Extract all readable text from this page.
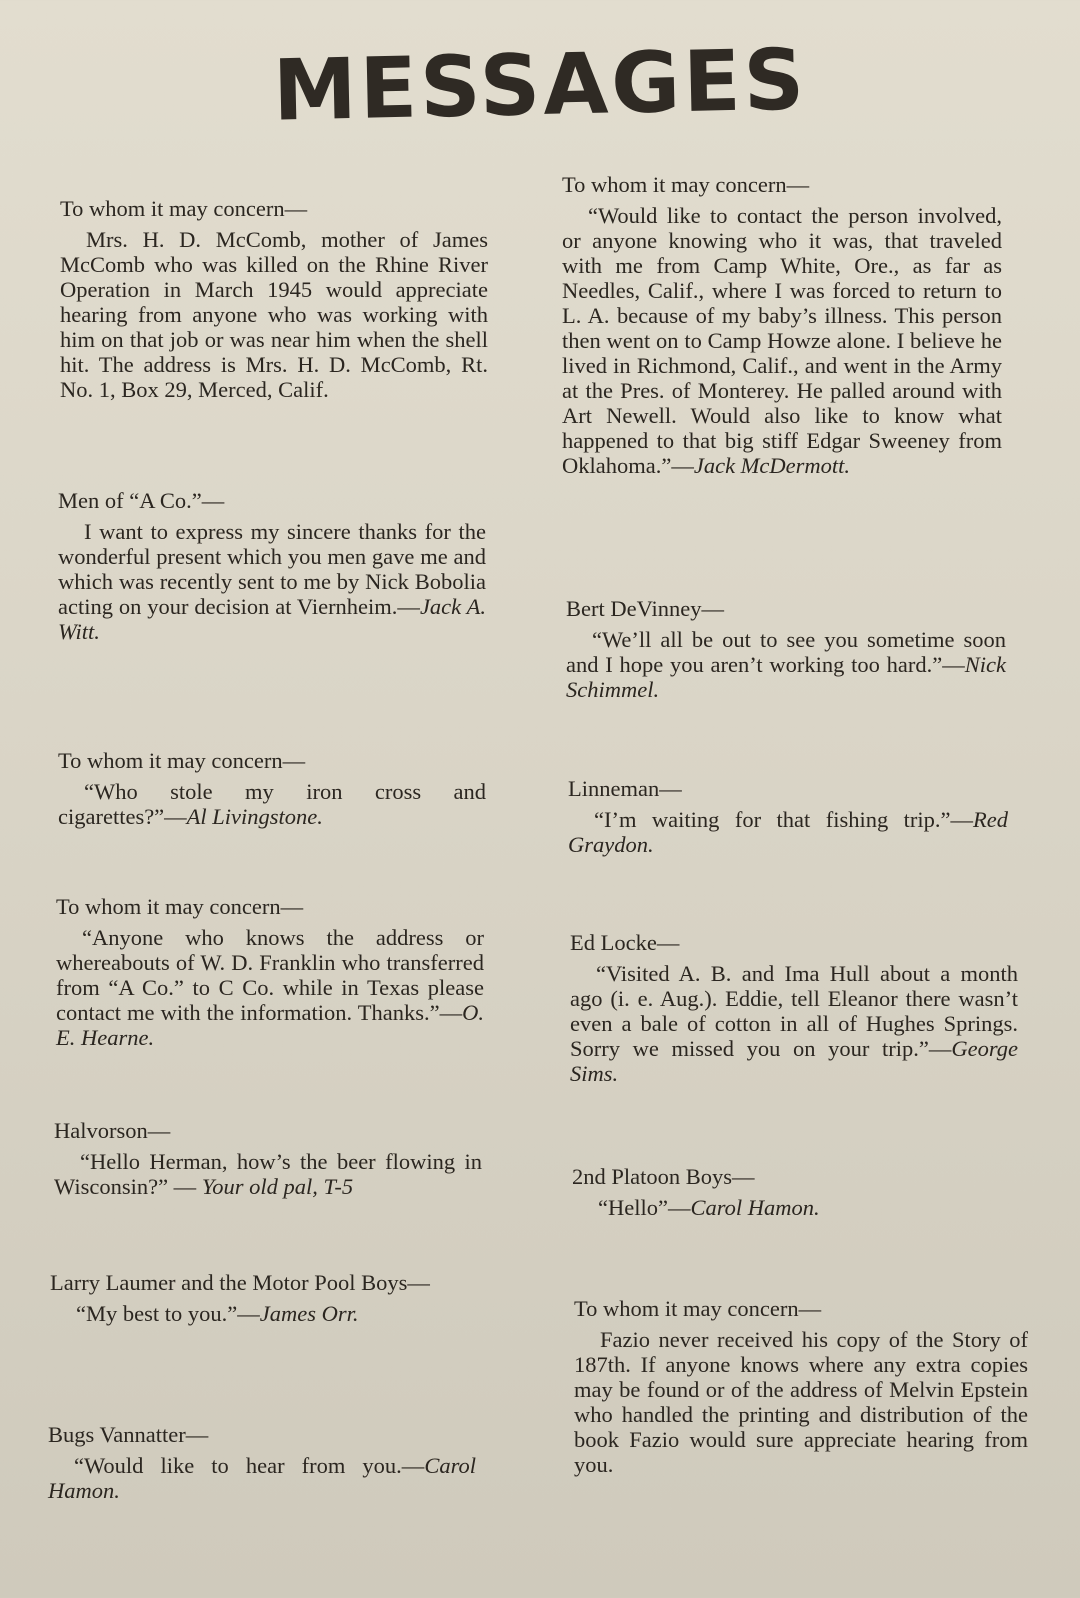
MESSAGES

To whom it may concern—

Mrs. H. D. McComb, mother of James McComb who was killed on the Rhine River Operation in March 1945 would appreciate hearing from anyone who was working with him on that job or was near him when the shell hit. The address is Mrs. H. D. McComb, Rt. No. 1, Box 29, Merced, Calif.

Men of “A Co.”—

I want to express my sincere thanks for the wonderful present which you men gave me and which was recently sent to me by Nick Bobolia acting on your decision at Viernheim.—Jack A. Witt.

To whom it may concern—

“Who stole my iron cross and cigarettes?”—Al Livingstone.

To whom it may concern—

“Anyone who knows the address or whereabouts of W. D. Franklin who transferred from “A Co.” to C Co. while in Texas please contact me with the information. Thanks.”—O. E. Hearne.

Halvorson—

“Hello Herman, how’s the beer flowing in Wisconsin?” — Your old pal, T-5

Larry Laumer and the Motor Pool Boys—

“My best to you.”—James Orr.

Bugs Vannatter—

“Would like to hear from you.—Carol Hamon.

To whom it may concern—

“Would like to contact the person involved, or anyone knowing who it was, that traveled with me from Camp White, Ore., as far as Needles, Calif., where I was forced to return to L. A. because of my baby’s illness. This person then went on to Camp Howze alone. I believe he lived in Richmond, Calif., and went in the Army at the Pres. of Monterey. He palled around with Art Newell. Would also like to know what happened to that big stiff Edgar Sweeney from Oklahoma.”—Jack McDermott.

Bert DeVinney—

“We’ll all be out to see you sometime soon and I hope you aren’t working too hard.”—Nick Schimmel.

Linneman—

“I’m waiting for that fishing trip.”—Red Graydon.

Ed Locke—

“Visited A. B. and Ima Hull about a month ago (i. e. Aug.). Eddie, tell Eleanor there wasn’t even a bale of cotton in all of Hughes Springs. Sorry we missed you on your trip.”—George Sims.

2nd Platoon Boys—

“Hello”—Carol Hamon.

To whom it may concern—

Fazio never received his copy of the Story of 187th. If anyone knows where any extra copies may be found or of the address of Melvin Epstein who handled the printing and distribution of the book Fazio would sure appreciate hearing from you.
